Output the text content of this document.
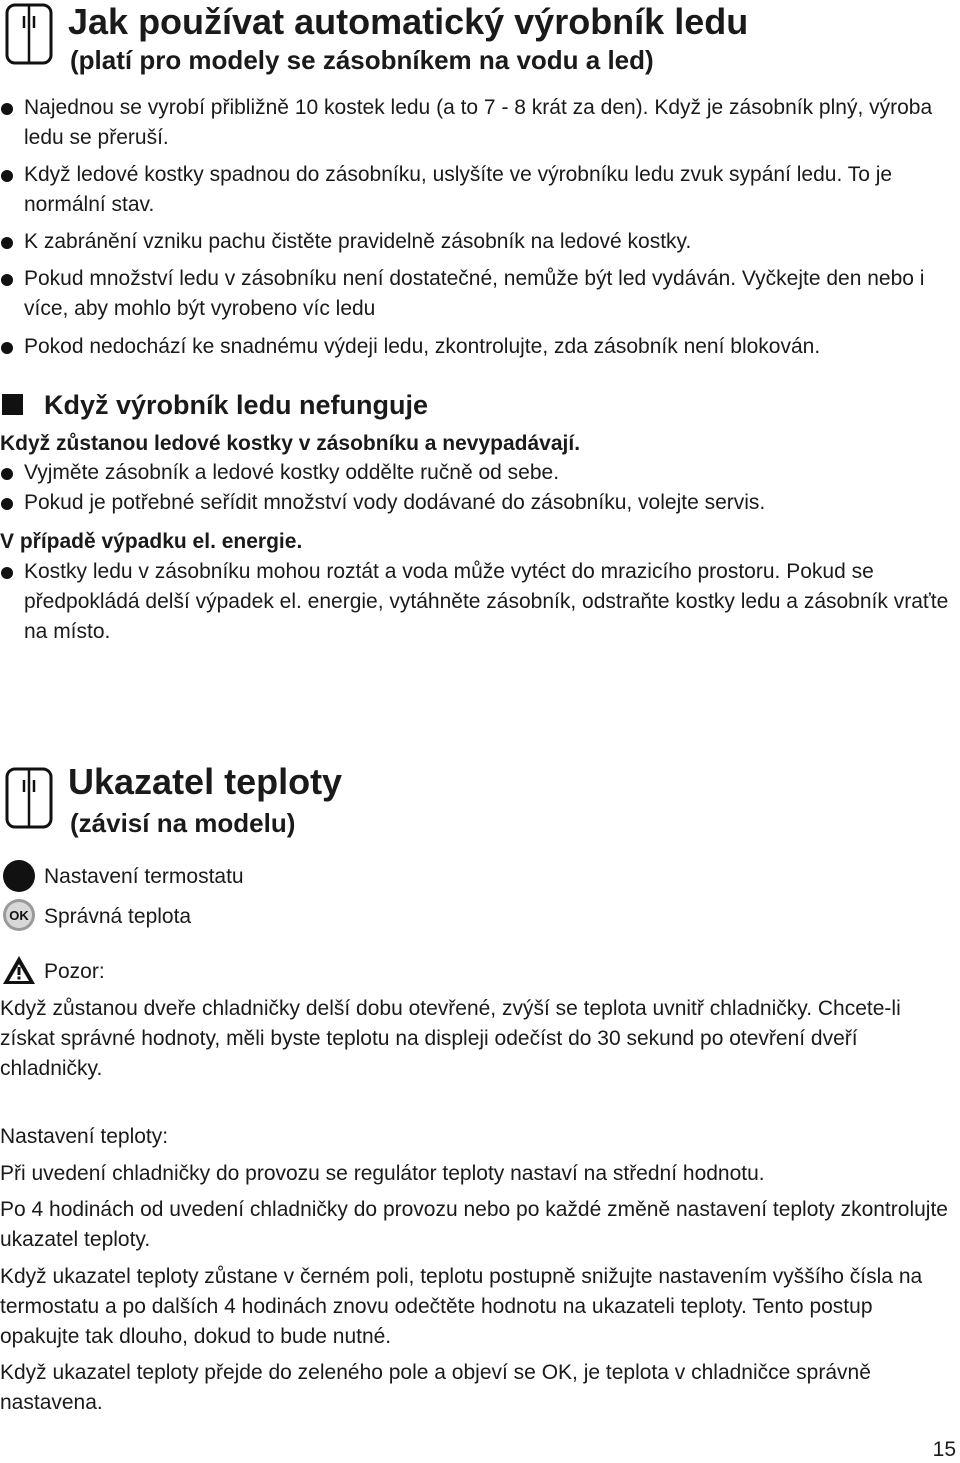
Jak používat automatický výrobník ledu
(platí pro modely se zásobníkem na vodu a led)
Najednou se vyrobí přibližně 10 kostek ledu (a to 7 - 8 krát za den). Když je zásobník plný, výroba ledu se přeruší.
Když ledové kostky spadnou do zásobníku, uslyšíte ve výrobníku ledu zvuk sypání ledu. To je normální stav.
K zabránění vzniku pachu čistěte pravidelně zásobník na ledové kostky.
Pokud množství ledu v zásobníku není dostatečné, nemůže být led vydáván. Vyčkejte den nebo i více, aby mohlo být vyrobeno víc ledu
Pokod nedochází ke snadnému výdeji ledu, zkontrolujte, zda zásobník není blokován.
Když výrobník ledu nefunguje
Když zůstanou ledové kostky v zásobníku a nevypadávají.
Vyjměte zásobník a ledové kostky oddělte ručně od sebe.
Pokud je potřebné seřídit množství vody dodávané do zásobníku, volejte servis.
V případě výpadku el. energie.
Kostky ledu v zásobníku mohou roztát a voda může vytéct do mrazicího prostoru. Pokud se předpokládá delší výpadek el. energie, vytáhněte zásobník, odstraňte kostky ledu a zásobník vraťte na místo.
Ukazatel teploty
(závisí na modelu)
Nastavení termostatu
OK Správná teplota
Pozor:

Když zůstanou dveře chladničky delší dobu otevřené, zvýší se teplota uvnitř chladničky. Chcete-li získat správné hodnoty, měli byste teplotu na displeji odečíst do 30 sekund po otevření dveří chladničky.

Nastavení teploty:

Při uvedení chladničky do provozu se regulátor teploty nastaví na střední hodnotu.

Po 4 hodinách od uvedení chladničky do provozu nebo po každé změně nastavení teploty zkontrolujte ukazatel teploty.

Když ukazatel teploty zůstane v černém poli, teplotu postupně snižujte nastavením vyššího čísla na termostatu a po dalších 4 hodinách znovu odečtěte hodnotu na ukazateli teploty. Tento postup opakujte tak dlouho, dokud to bude nutné.

Když ukazatel teploty přejde do zeleného pole a objeví se OK, je teplota v chladničce správně nastavena.

15
